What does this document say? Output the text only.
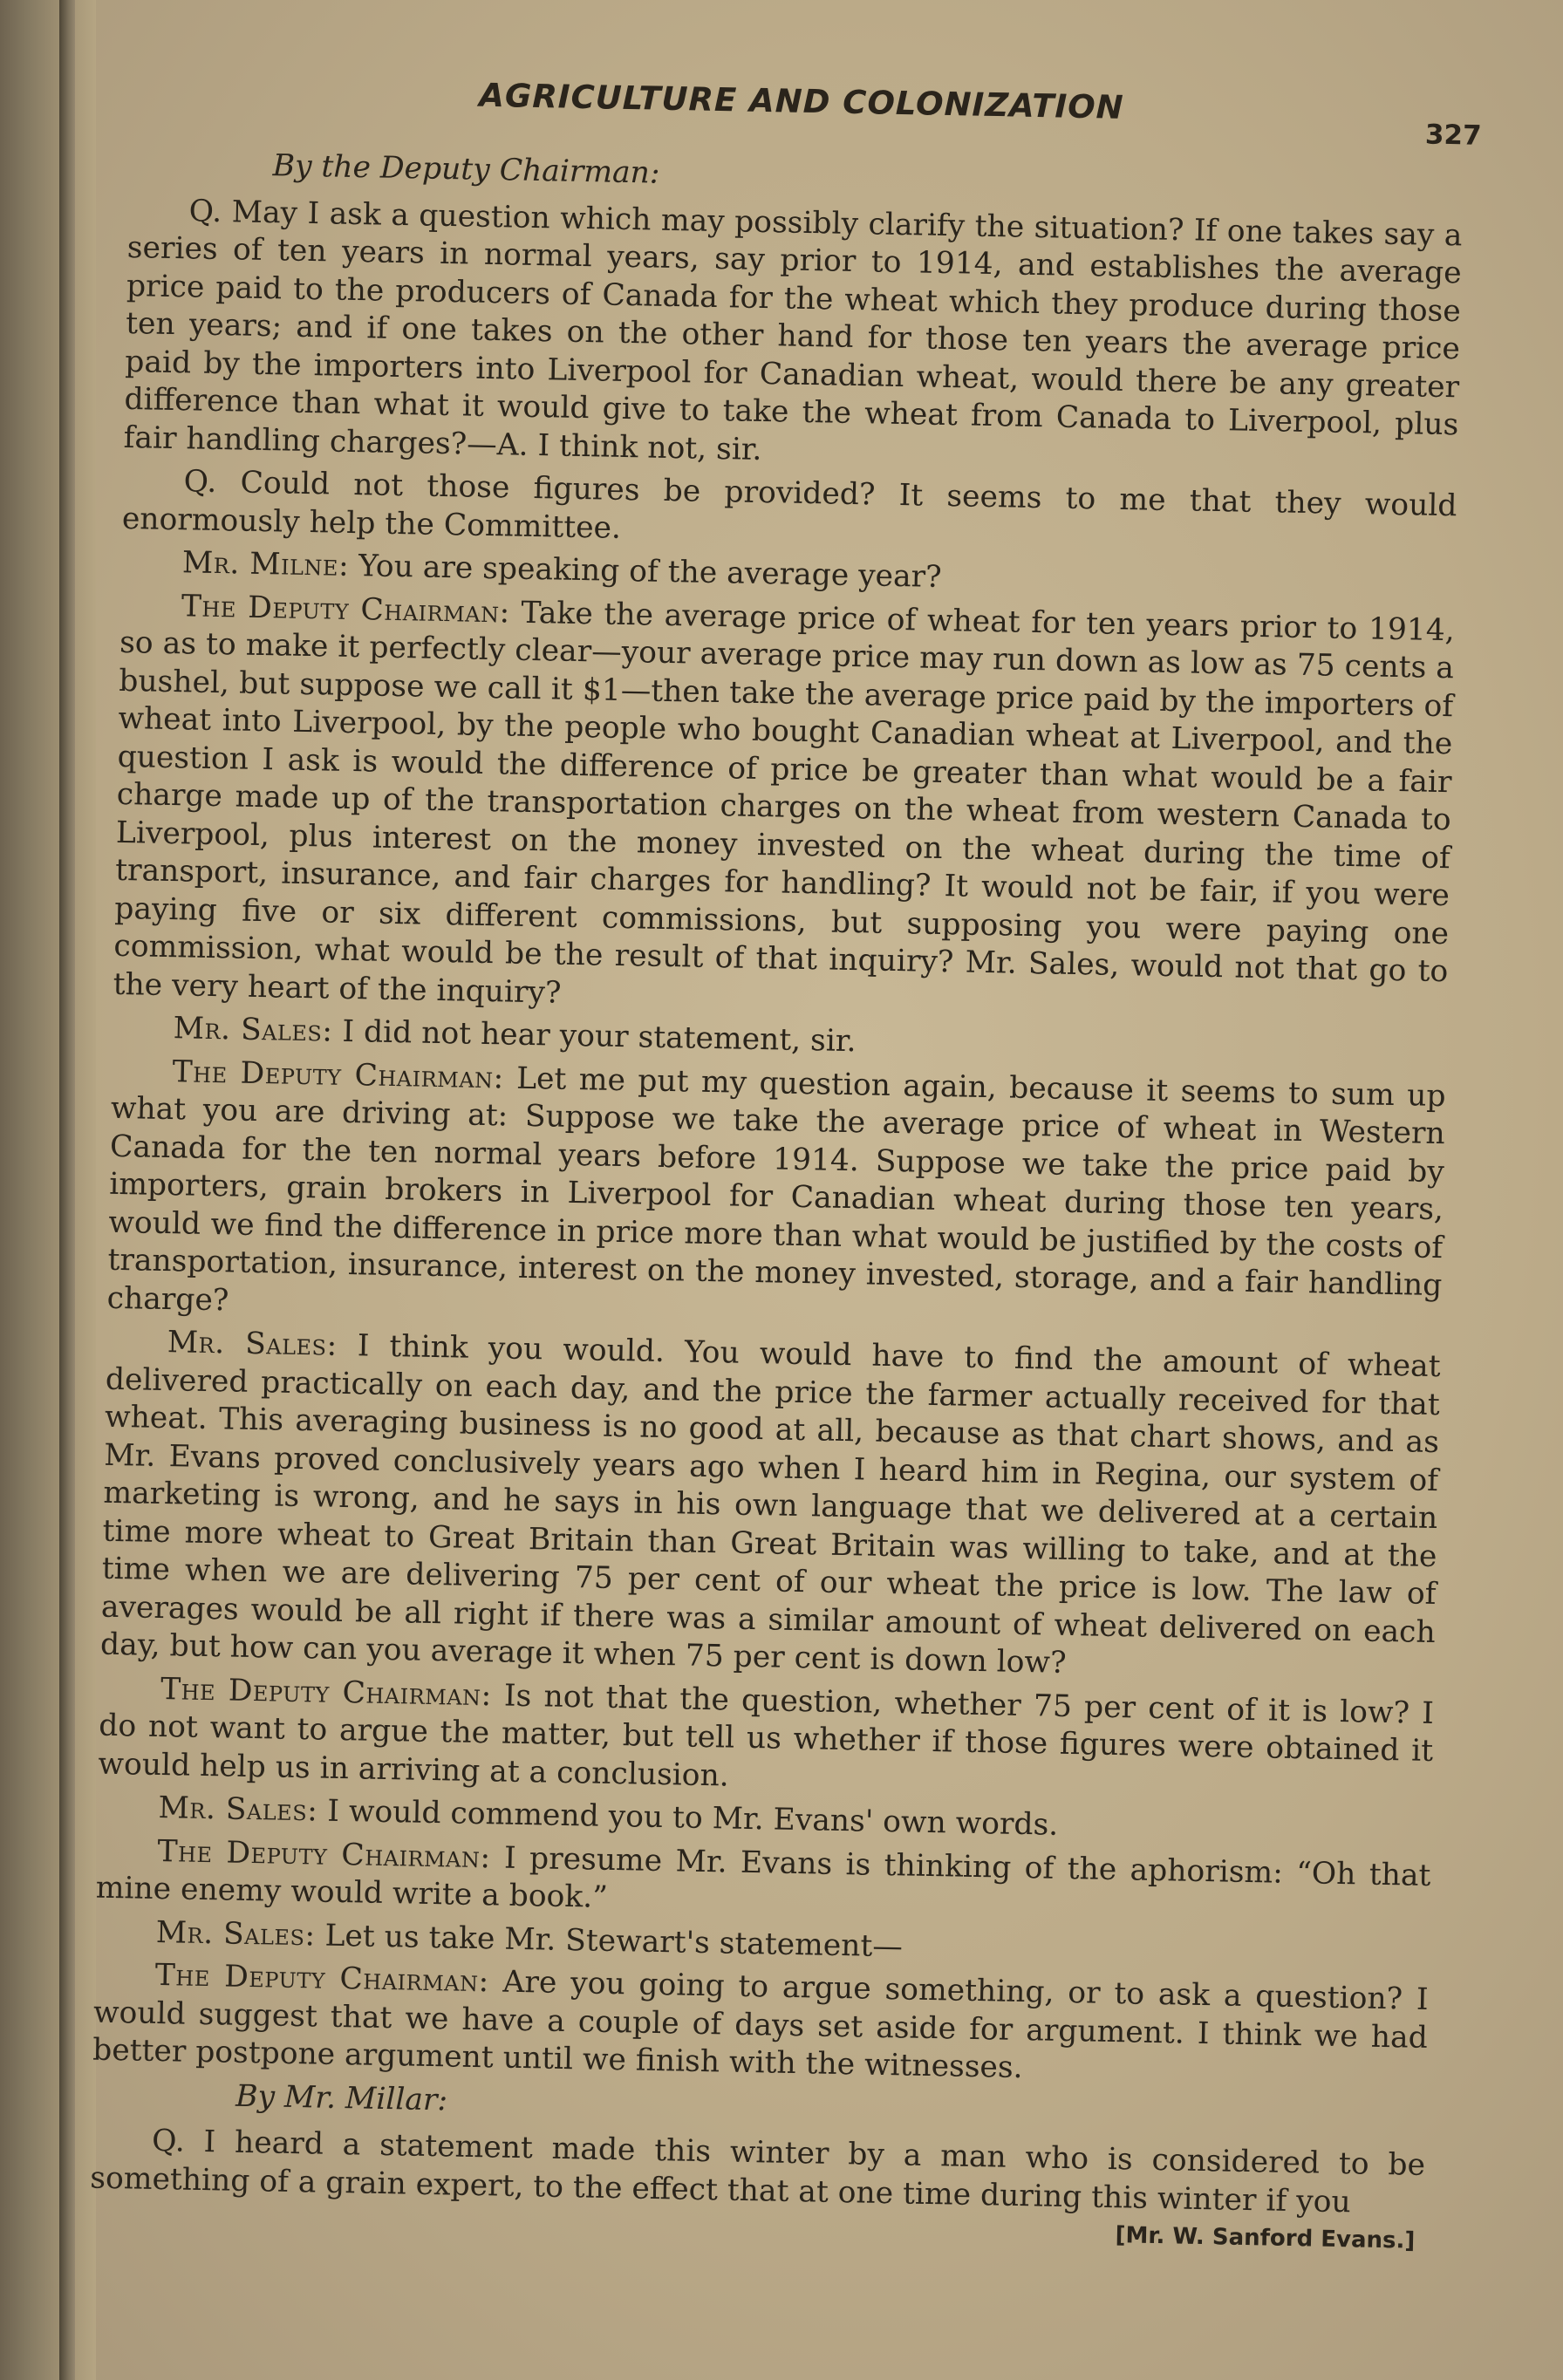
AGRICULTURE AND COLONIZATION
327

By the Deputy Chairman:

Q. May I ask a question which may possibly clarify the situation? If one takes say a series of ten years in normal years, say prior to 1914, and establishes the average price paid to the producers of Canada for the wheat which they produce during those ten years; and if one takes on the other hand for those ten years the average price paid by the importers into Liverpool for Canadian wheat, would there be any greater difference than what it would give to take the wheat from Canada to Liverpool, plus fair handling charges?—A. I think not, sir.

Q. Could not those figures be provided? It seems to me that they would enormously help the Committee.

Mr. Milne: You are speaking of the average year?

The Deputy Chairman: Take the average price of wheat for ten years prior to 1914, so as to make it perfectly clear—your average price may run down as low as 75 cents a bushel, but suppose we call it $1—then take the average price paid by the importers of wheat into Liverpool, by the people who bought Canadian wheat at Liverpool, and the question I ask is would the difference of price be greater than what would be a fair charge made up of the transportation charges on the wheat from western Canada to Liverpool, plus interest on the money invested on the wheat during the time of transport, insurance, and fair charges for handling? It would not be fair, if you were paying five or six different commissions, but supposing you were paying one commission, what would be the result of that inquiry? Mr. Sales, would not that go to the very heart of the inquiry?

Mr. Sales: I did not hear your statement, sir.

The Deputy Chairman: Let me put my question again, because it seems to sum up what you are driving at: Suppose we take the average price of wheat in Western Canada for the ten normal years before 1914. Suppose we take the price paid by importers, grain brokers in Liverpool for Canadian wheat during those ten years, would we find the difference in price more than what would be justified by the costs of transportation, insurance, interest on the money invested, storage, and a fair handling charge?

Mr. Sales: I think you would. You would have to find the amount of wheat delivered practically on each day, and the price the farmer actually received for that wheat. This averaging business is no good at all, because as that chart shows, and as Mr. Evans proved conclusively years ago when I heard him in Regina, our system of marketing is wrong, and he says in his own language that we delivered at a certain time more wheat to Great Britain than Great Britain was willing to take, and at the time when we are delivering 75 per cent of our wheat the price is low. The law of averages would be all right if there was a similar amount of wheat delivered on each day, but how can you average it when 75 per cent is down low?

The Deputy Chairman: Is not that the question, whether 75 per cent of it is low? I do not want to argue the matter, but tell us whether if those figures were obtained it would help us in arriving at a conclusion.

Mr. Sales: I would commend you to Mr. Evans' own words.

The Deputy Chairman: I presume Mr. Evans is thinking of the aphorism: “Oh that mine enemy would write a book.”

Mr. Sales: Let us take Mr. Stewart's statement—

The Deputy Chairman: Are you going to argue something, or to ask a question? I would suggest that we have a couple of days set aside for argument. I think we had better postpone argument until we finish with the witnesses.

By Mr. Millar:

Q. I heard a statement made this winter by a man who is considered to be something of a grain expert, to the effect that at one time during this winter if you

[Mr. W. Sanford Evans.]
